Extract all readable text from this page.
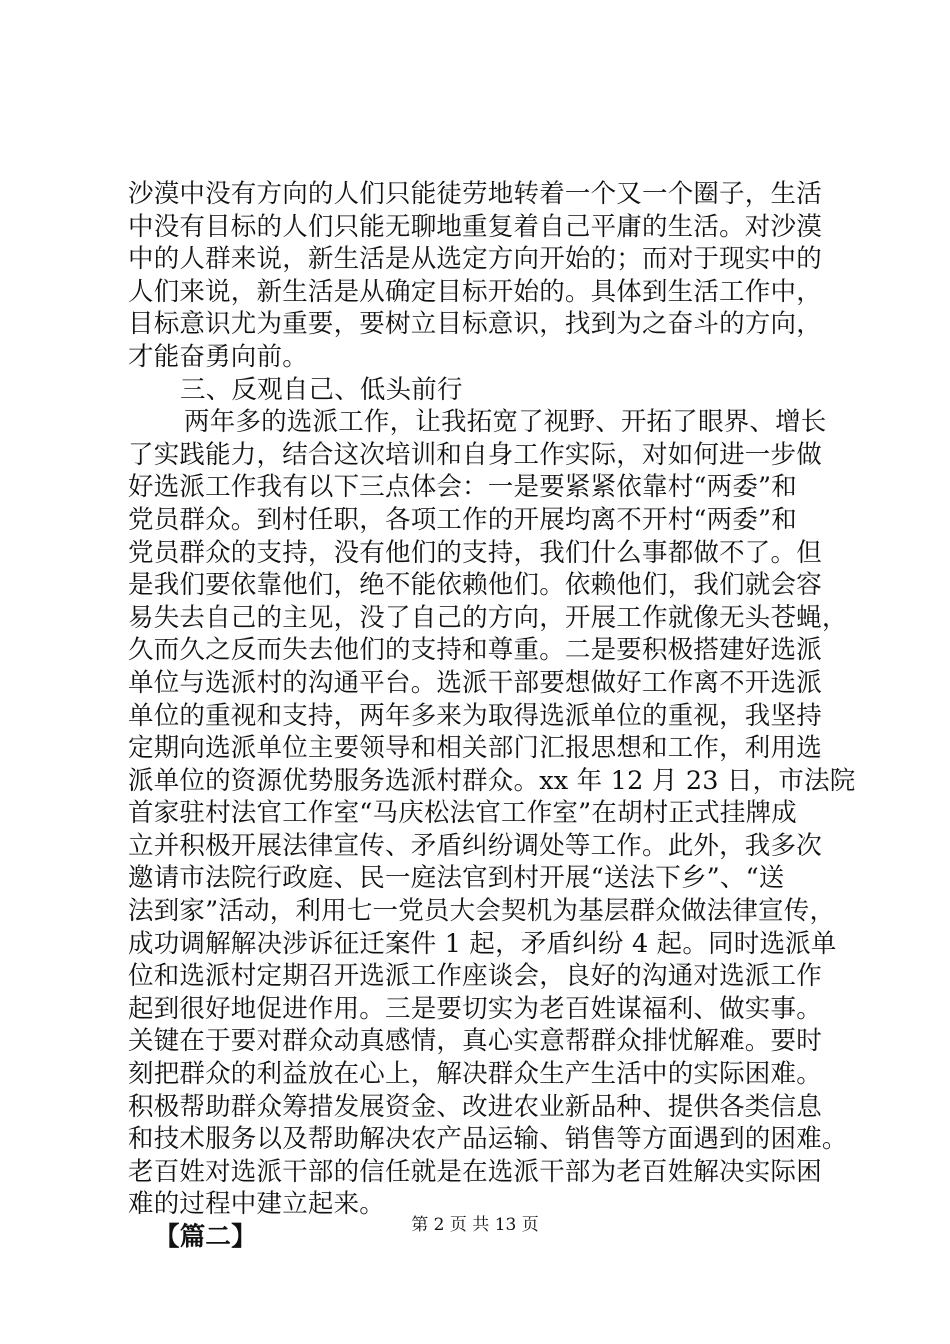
沙漠中没有方向的人们只能徒劳地转着一个又一个圈子，生活
中没有目标的人们只能无聊地重复着自己平庸的生活。对沙漠
中的人群来说，新生活是从选定方向开始的；而对于现实中的
人们来说，新生活是从确定目标开始的。具体到生活工作中，
目标意识尤为重要，要树立目标意识，找到为之奋斗的方向，
才能奋勇向前。
三、反观自己、低头前行
两年多的选派工作，让我拓宽了视野、开拓了眼界、增长
了实践能力，结合这次培训和自身工作实际，对如何进一步做
好选派工作我有以下三点体会：一是要紧紧依靠村“两委”和
党员群众。到村任职，各项工作的开展均离不开村“两委”和
党员群众的支持，没有他们的支持，我们什么事都做不了。但
是我们要依靠他们，绝不能依赖他们。依赖他们，我们就会容
易失去自己的主见，没了自己的方向，开展工作就像无头苍蝇，
久而久之反而失去他们的支持和尊重。二是要积极搭建好选派
单位与选派村的沟通平台。选派干部要想做好工作离不开选派
单位的重视和支持，两年多来为取得选派单位的重视，我坚持
定期向选派单位主要领导和相关部门汇报思想和工作，利用选
派单位的资源优势服务选派村群众。xx 年 12 月 23 日，市法院
首家驻村法官工作室“马庆松法官工作室”在胡村正式挂牌成
立并积极开展法律宣传、矛盾纠纷调处等工作。此外，我多次
邀请市法院行政庭、民一庭法官到村开展“送法下乡”、“送
法到家”活动，利用七一党员大会契机为基层群众做法律宣传，
成功调解解决涉诉征迁案件 1 起，矛盾纠纷 4 起。同时选派单
位和选派村定期召开选派工作座谈会，良好的沟通对选派工作
起到很好地促进作用。三是要切实为老百姓谋福利、做实事。
关键在于要对群众动真感情，真心实意帮群众排忧解难。要时
刻把群众的利益放在心上，解决群众生产生活中的实际困难。
积极帮助群众筹措发展资金、改进农业新品种、提供各类信息
和技术服务以及帮助解决农产品运输、销售等方面遇到的困难。
老百姓对选派干部的信任就是在选派干部为老百姓解决实际困
难的过程中建立起来。
【篇二】	第 2 页 共 13 页
